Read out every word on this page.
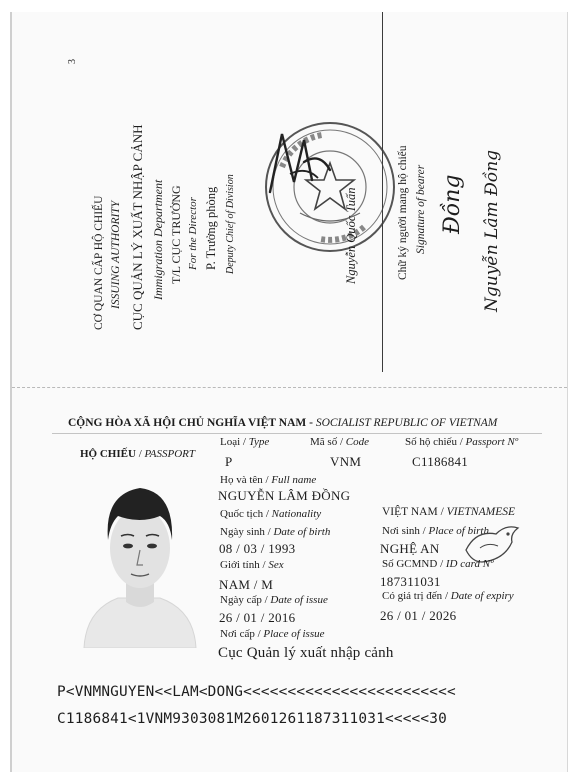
3
CƠ QUAN CẤP HỘ CHIẾU ISSUING AUTHORITY CỤC QUẢN LÝ XUẤT NHẬP CẢNH Immigration Department T/L CỤC TRƯỞNG For the Director P. Trưởng phòng Deputy Chief of Division	Nguyễn Quốc Tuấn	Chữ ký người mang hộ chiếu Signature of bearer Đồng Nguyễn Lâm Đồng
CỘNG HÒA XÃ HỘI CHỦ NGHĨA VIỆT NAM - SOCIALIST REPUBLIC OF VIETNAM
HỘ CHIẾU / PASSPORT
Loại / Type
P
Mã số / Code
VNM
Số hộ chiếu / Passport Nº
C1186841
Họ và tên / Full name
NGUYỄN LÂM ĐỒNG
Quốc tịch / Nationality	VIỆT NAM / VIETNAMESE
Ngày sinh / Date of birth
08 / 03 / 1993
Nơi sinh / Place of birth
NGHỆ AN
Giới tính / Sex	Số GCMND / ID card Nº
NAM / M	187311031
Ngày cấp / Date of issue	Có giá trị đến / Date of expiry
26 / 01 / 2016	26 / 01 / 2026
Nơi cấp / Place of issue
Cục Quản lý xuất nhập cảnh
P<VNMNGUYEN<<LAM<DONG<<<<<<<<<<<<<<<<<<<<<<<<
C1186841<1VNM9303081M2601261187311031<<<<<30
